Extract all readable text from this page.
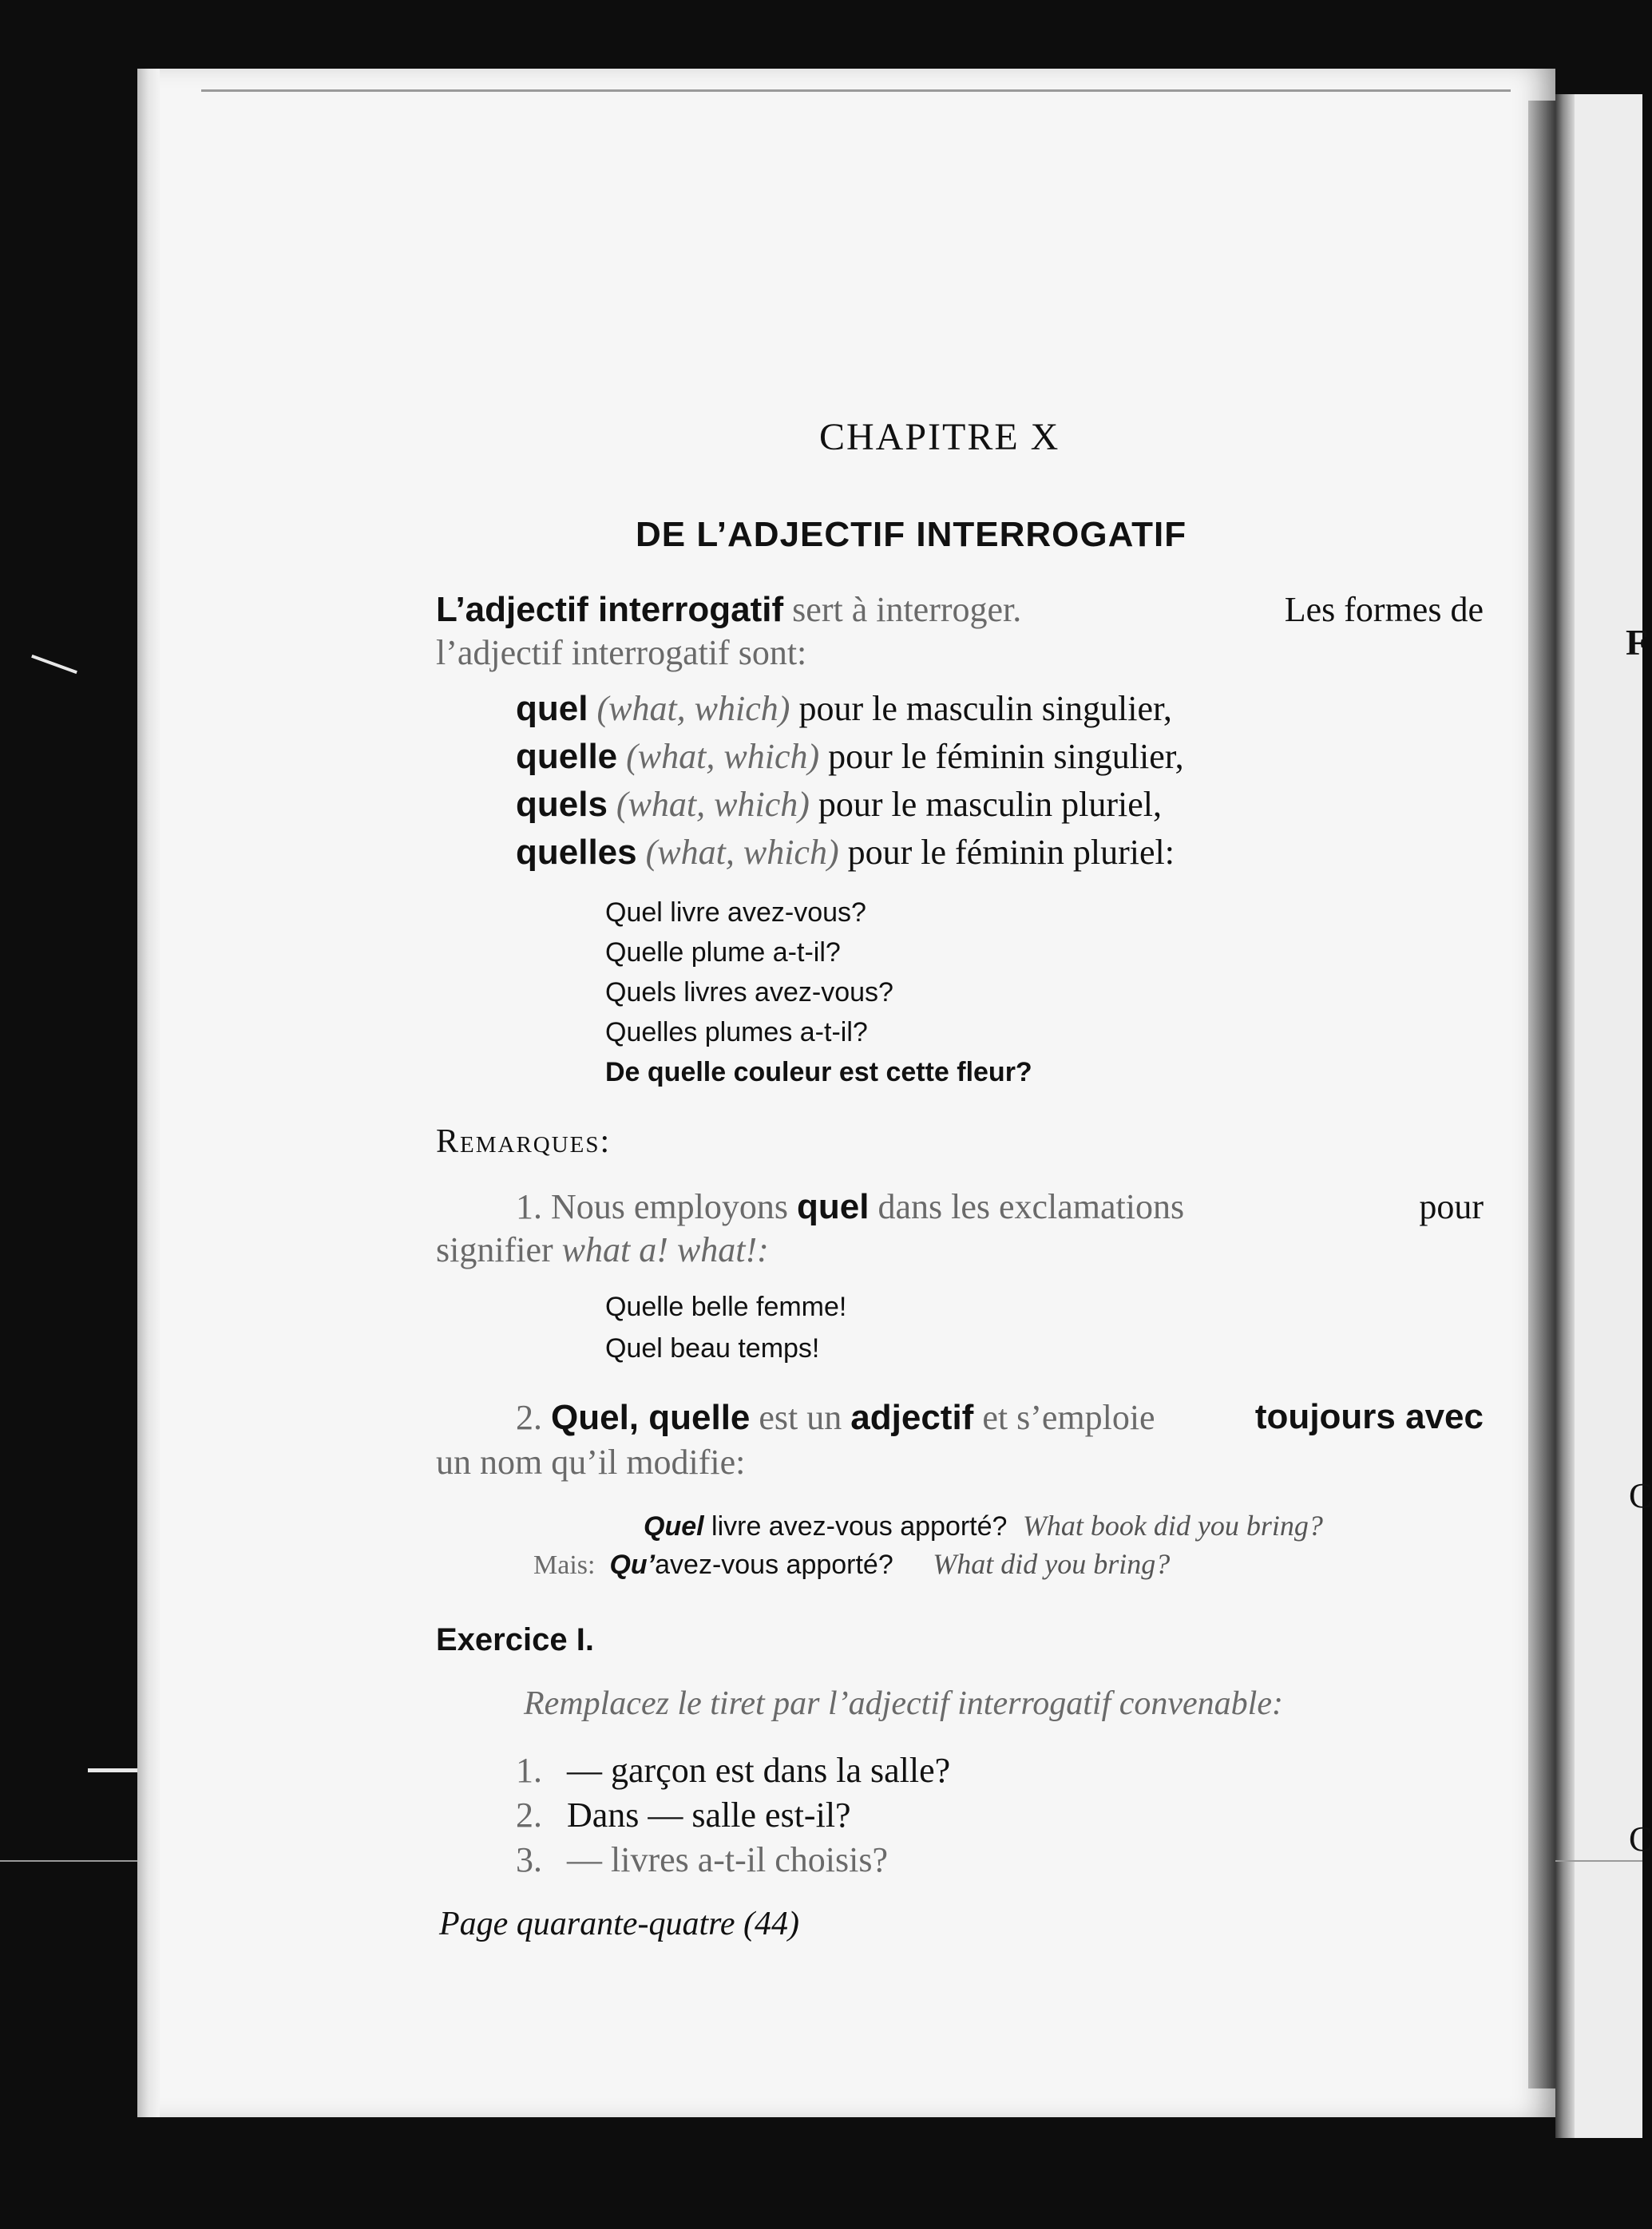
F
C
C
CHAPITRE X
DE L’ADJECTIF INTERROGATIF
L’adjectif interrogatif sert à interroger.	Les formes de
l’adjectif interrogatif sont:
quel (what, which) pour le masculin singulier,
quelle (what, which) pour le féminin singulier,
quels (what, which) pour le masculin pluriel,
quelles (what, which) pour le féminin pluriel:
Quel livre avez-vous?
Quelle plume a-t-il?
Quels livres avez-vous?
Quelles plumes a-t-il?
De quelle couleur est cette fleur?
Remarques:
1. Nous employons quel dans les exclamations	pour
signifier what a! what!:
Quelle belle femme!
Quel beau temps!
2. Quel, quelle est un adjectif et s’emploie	toujours avec
un nom qu’il modifie:
Quel livre avez-vous apporté? What book did you bring?
Mais: Qu’avez-vous apporté? What did you bring?
Exercice I.
Remplacez le tiret par l’adjectif interrogatif convenable:
1. — garçon est dans la salle?
2. Dans — salle est-il?
3. — livres a-t-il choisis?
Page quarante-quatre (44)
